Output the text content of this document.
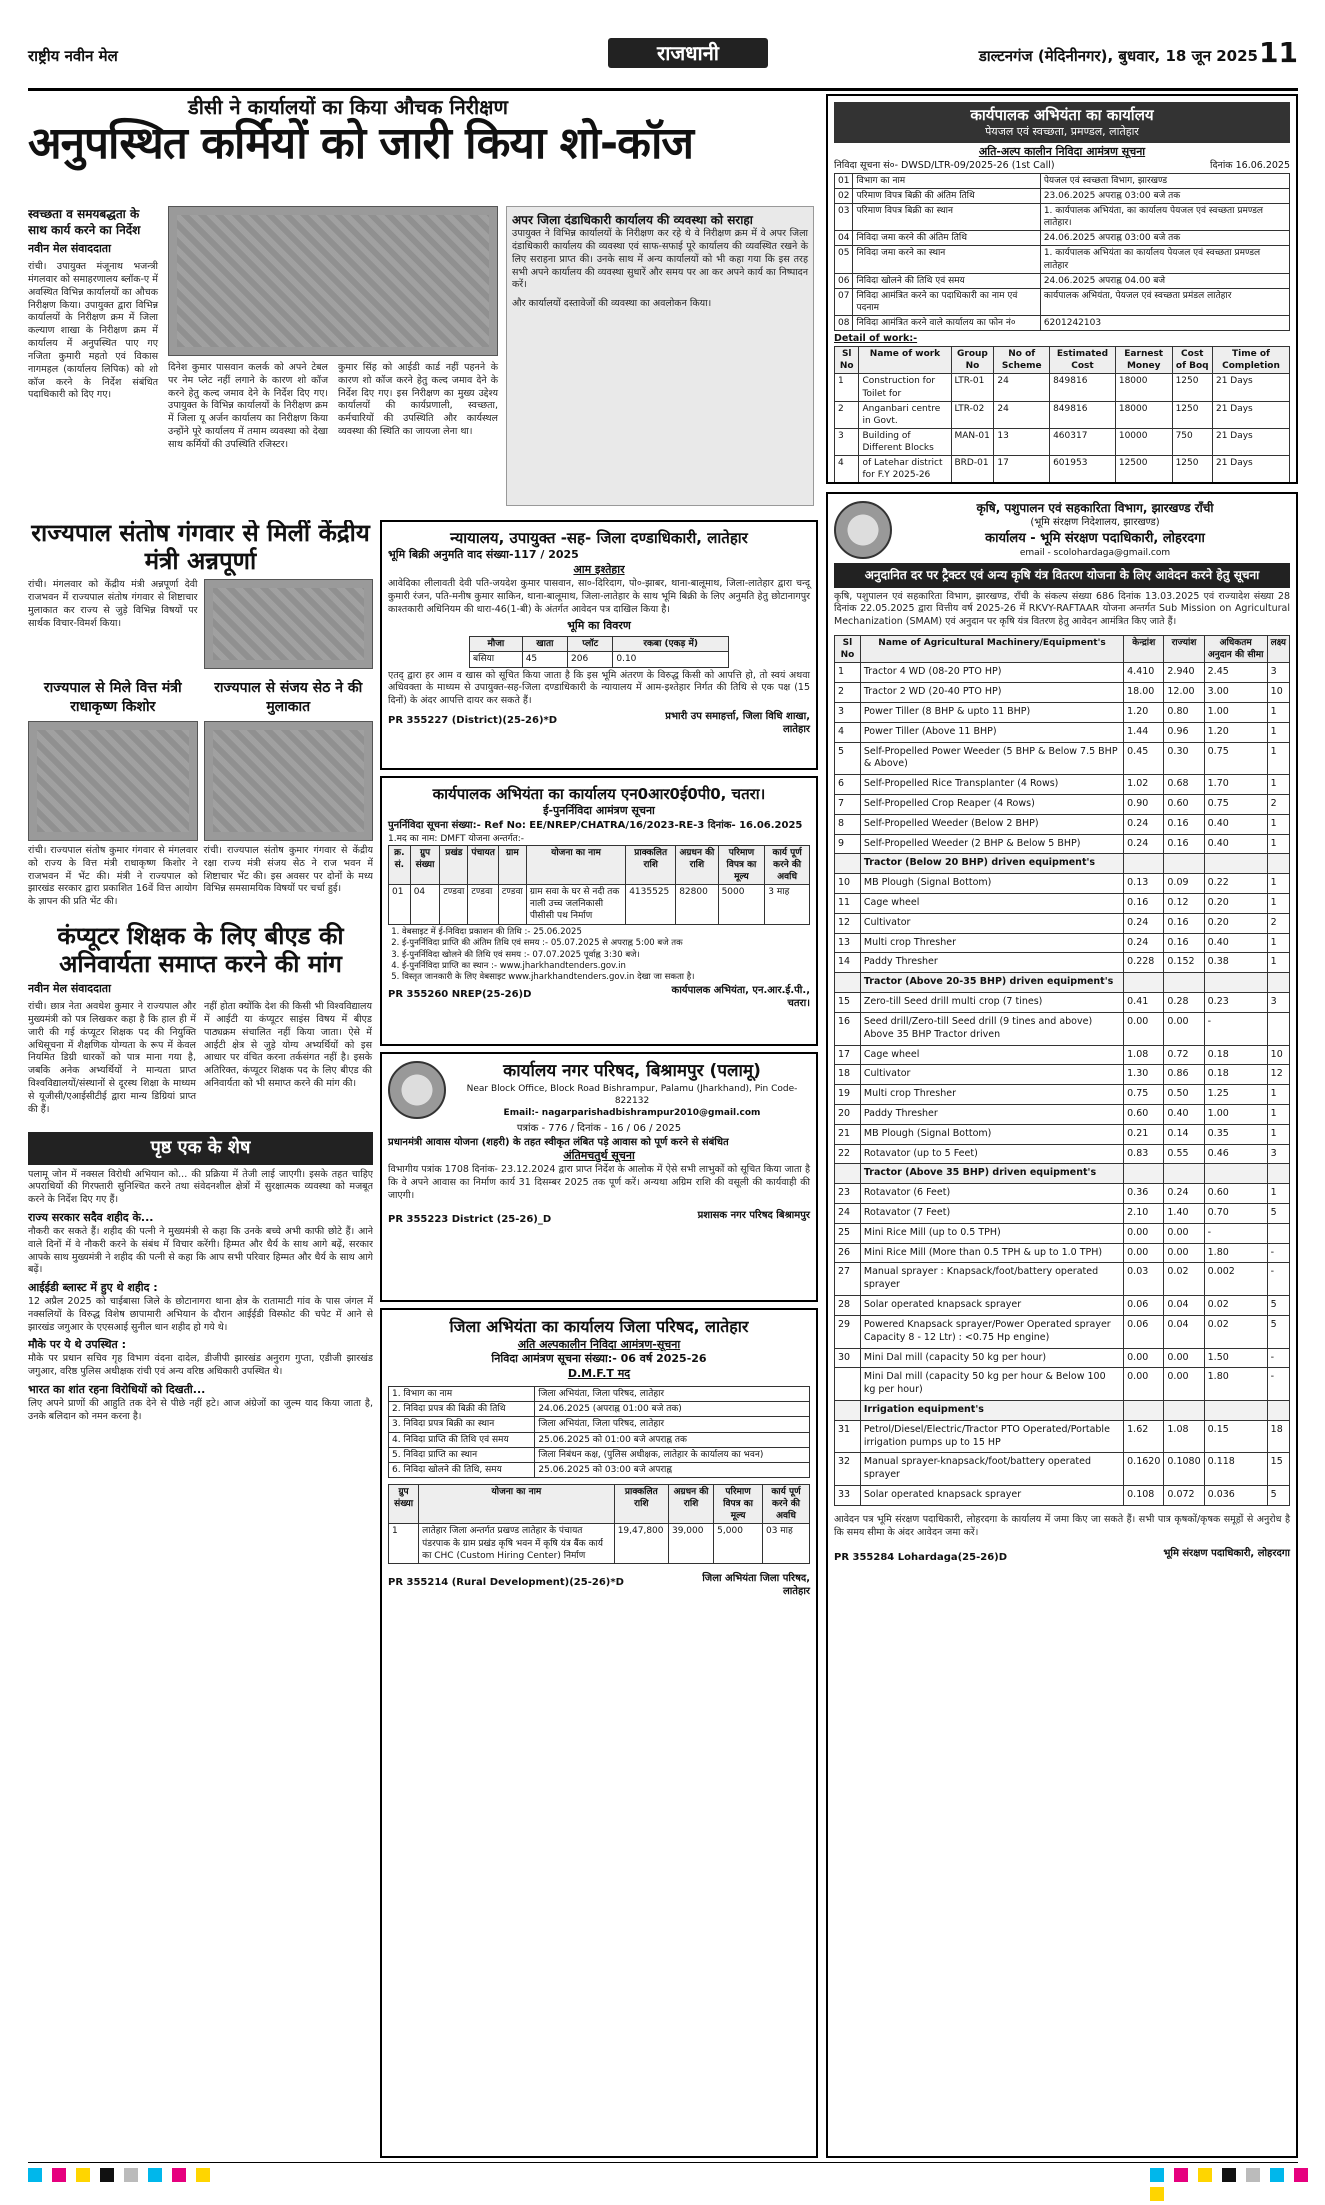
राष्ट्रीय नवीन मेल	राजधानी	डाल्टनगंज (मेदिनीनगर), बुधवार, 18 जून 2025 11
डीसी ने कार्यालयों का किया औचक निरीक्षण
अनुपस्थित कर्मियों को जारी किया शो-कॉज
स्वच्छता व समयबद्धता के साथ कार्य करने का निर्देश
नवीन मेल संवाददाता
रांची। उपायुक्त मंजूनाथ भजन्त्री मंगलवार को समाहरणालय ब्लॉक-ए में अवस्थित विभिन्न कार्यालयों का औचक निरीक्षण किया। उपायुक्त द्वारा विभिन्न कार्यालयों के निरीक्षण क्रम में जिला कल्याण शाखा के निरीक्षण क्रम में कार्यालय में अनुपस्थित पाए गए नजिता कुमारी महतो एवं विकास नागमहल (कार्यालय लिपिक) को शो कॉज करने के निर्देश संबंधित पदाधिकारी को दिए गए।
दिनेश कुमार पासवान कलर्क को अपने टेबल पर नेम प्लेट नहीं लगाने के कारण शो कॉज करने हेतु कल्द जमाव देने के निर्देश दिए गए। उपायुक्त के विभिन्न कार्यालयों के निरीक्षण क्रम में जिला यू अर्जन कार्यालय का निरीक्षण किया उन्होंने पूरे कार्यालय में तमाम व्यवस्था को देखा साथ कर्मियों की उपस्थिति रजिस्टर।
कुमार सिंह को आईडी कार्ड नहीं पहनने के कारण शो कॉज करने हेतु कल्द जमाव देने के निर्देश दिए गए। इस निरीक्षण का मुख्य उद्देश्य कार्यालयों की कार्यप्रणाली, स्वच्छता, कर्मचारियों की उपस्थिति और कार्यस्थल व्यवस्था की स्थिति का जायजा लेना था।
अपर जिला दंडाधिकारी कार्यालय की व्यवस्था को सराहा
उपायुक्त ने विभिन्न कार्यालयों के निरीक्षण कर रहे थे वे निरीक्षण क्रम में वे अपर जिला दंडाधिकारी कार्यालय की व्यवस्था एवं साफ-सफाई पूरे कार्यालय की व्यवस्थित रखने के लिए सराहना प्राप्त की। उनके साथ में अन्य कार्यालयों को भी कहा गया कि इस तरह सभी अपने कार्यालय की व्यवस्था सुधारें और समय पर आ कर अपने कार्य का निष्पादन करें।
और कार्यालयों दस्तावेजों की व्यवस्था का अवलोकन किया।
राज्यपाल संतोष गंगवार से मिलीं केंद्रीय मंत्री अन्नपूर्णा
रांची। मंगलवार को केंद्रीय मंत्री अन्नपूर्णा देवी राजभवन में राज्यपाल संतोष गंगवार से शिष्टाचार मुलाकात कर राज्य से जुड़े विभिन्न विषयों पर सार्थक विचार-विमर्श किया।
राज्यपाल से मिले वित्त मंत्री राधाकृष्ण किशोर
रांची। राज्यपाल संतोष कुमार गंगवार से मंगलवार को राज्य के वित्त मंत्री राधाकृष्ण किशोर ने राजभवन में भेंट की। मंत्री ने राज्यपाल को झारखंड सरकार द्वारा प्रकाशित 16वें वित्त आयोग के ज्ञापन की प्रति भेंट की।
राज्यपाल से संजय सेठ ने की मुलाकात
रांची। राज्यपाल संतोष कुमार गंगवार से केंद्रीय रक्षा राज्य मंत्री संजय सेठ ने राज भवन में शिष्टाचार भेंट की। इस अवसर पर दोनों के मध्य विभिन्न समसामयिक विषयों पर चर्चा हुई।
कंप्यूटर शिक्षक के लिए बीएड की अनिवार्यता समाप्त करने की मांग
नवीन मेल संवाददाता
रांची। छात्र नेता अवधेश कुमार ने राज्यपाल और मुख्यमंत्री को पत्र लिखकर कहा है कि हाल ही में जारी की गई कंप्यूटर शिक्षक पद की नियुक्ति अधिसूचना में शैक्षणिक योग्यता के रूप में केवल नियमित डिग्री धारकों को पात्र माना गया है, जबकि अनेक अभ्यर्थियों ने मान्यता प्राप्त विश्वविद्यालयों/संस्थानों से दूरस्थ शिक्षा के माध्यम से यूजीसी/एआईसीटीई द्वारा मान्य डिग्रियां प्राप्त की हैं।
नहीं होता क्योंकि देश की किसी भी विश्वविद्यालय में आईटी या कंप्यूटर साइंस विषय में बीएड पाठ्यक्रम संचालित नहीं किया जाता। ऐसे में आईटी क्षेत्र से जुड़े योग्य अभ्यर्थियों को इस आधार पर वंचित करना तर्कसंगत नहीं है। इसके अतिरिक्त, कंप्यूटर शिक्षक पद के लिए बीएड की अनिवार्यता को भी समाप्त करने की मांग की।
पृष्ठ एक के शेष
पलामू जोन में नक्सल विरोधी अभियान को... की प्रक्रिया में तेजी लाई जाएगी। इसके तहत चाहिए अपराधियों की गिरफ्तारी सुनिश्चित करने तथा संवेदनशील क्षेत्रों में सुरक्षात्मक व्यवस्था को मजबूत करने के निर्देश दिए गए हैं।
राज्य सरकार सदैव शहीद के...
नौकरी कर सकते हैं। शहीद की पत्नी ने मुख्यमंत्री से कहा कि उनके बच्चे अभी काफी छोटे हैं। आने वाले दिनों में वे नौकरी करने के संबंध में विचार करेंगी। हिम्मत और धैर्य के साथ आगे बढ़ें, सरकार आपके साथ मुख्यमंत्री ने शहीद की पत्नी से कहा कि आप सभी परिवार हिम्मत और धैर्य के साथ आगे बढ़ें।
आईईडी ब्लास्ट में हुए थे शहीद :
12 अप्रैल 2025 को चाईबासा जिले के छोटानागरा थाना क्षेत्र के रातामाटी गांव के पास जंगल में नक्सलियों के विरुद्ध विशेष छापामारी अभियान के दौरान आईईडी विस्फोट की चपेट में आने से झारखंड जगुआर के एएसआई सुनील धान शहीद हो गये थे।
मौके पर ये थे उपस्थित :
मौके पर प्रधान सचिव गृह विभाग वंदना दादेल, डीजीपी झारखंड अनुराग गुप्ता, एडीजी झारखंड जगुआर, वरिष्ठ पुलिस अधीक्षक रांची एवं अन्य वरिष्ठ अधिकारी उपस्थित थे।
भारत का शांत रहना विरोधियों को दिखती...
लिए अपने प्राणों की आहुति तक देने से पीछे नहीं हटे। आज अंग्रेजों का जुल्म याद किया जाता है, उनके बलिदान को नमन करना है।
न्यायालय, उपायुक्त -सह- जिला दण्डाधिकारी, लातेहार
भूमि बिक्री अनुमति वाद संख्या-117 / 2025
आम इश्तेहार
आवेदिका लीलावती देवी पति-जयदेश कुमार पासवान, सा०-दिरिदाग, पो०-झाबर, थाना-बालूमाथ, जिला-लातेहार द्वारा चन्दू कुमारी रंजन, पति-मनीष कुमार साकिन, थाना-बालूमाथ, जिला-लातेहार के साथ भूमि बिक्री के लिए अनुमति हेतु छोटानागपुर काश्तकारी अधिनियम की धारा-46(1-बी) के अंतर्गत आवेदन पत्र दाखिल किया है।
भूमि का विवरण
मौजा	खाता	प्लॉट	रकबा (एकड़ में)
बसिया	45	206	0.10
एतद् द्वारा हर आम व खास को सूचित किया जाता है कि इस भूमि अंतरण के विरुद्ध किसी को आपत्ति हो, तो स्वयं अथवा अधिवक्ता के माध्यम से उपायुक्त-सह-जिला दण्डाधिकारी के न्यायालय में आम-इश्तेहार निर्गत की तिथि से एक पक्ष (15 दिनों) के अंदर आपत्ति दायर कर सकते हैं।
PR 355227 (District)(25-26)*D	प्रभारी उप समाहर्त्ता, जिला विधि शाखा, लातेहार
कार्यपालक अभियंता का कार्यालय एन0आर0ई0पी0, चतरा।
ई-पुनर्निविदा आमंत्रण सूचना
पुनर्निविदा सूचना संख्या:- Ref No: EE/NREP/CHATRA/16/2023-RE-3 दिनांक- 16.06.2025
1.मद का नाम: DMFT योजना अन्तर्गत:-
क्र. सं.	ग्रुप संख्या	प्रखंड	पंचायत	ग्राम	योजना का नाम	प्राक्कलित राशि	अग्रधन की राशि	परिमाण विपत्र का मूल्य	कार्य पूर्ण करने की अवधि
01	04	टण्डवा	टण्डवा	टण्डवा	ग्राम सवा के घर से नदी तक नाली उच्च जलनिकासी पीसीसी पथ निर्माण	4135525	82800	5000	3 माह
1. वेबसाइट में ई-निविदा प्रकाशन की तिथि :- 25.06.2025
2. ई-पुनर्निविदा प्राप्ति की अंतिम तिथि एवं समय :- 05.07.2025 से अपराह्न 5:00 बजे तक
3. ई-पुनर्निविदा खोलने की तिथि एवं समय :- 07.07.2025 पूर्वाह्न 3:30 बजे।
4. ई-पुनर्निविदा प्राप्ति का स्थान :- www.jharkhandtenders.gov.in
5. विस्तृत जानकारी के लिए वेबसाइट www.jharkhandtenders.gov.in देखा जा सकता है।
PR 355260 NREP(25-26)D	कार्यपालक अभियंता, एन.आर.ई.पी., चतरा।
कार्यालय नगर परिषद, बिश्रामपुर (पलामू)
Near Block Office, Block Road Bishrampur, Palamu (Jharkhand), Pin Code-822132
Email:- nagarparishadbishrampur2010@gmail.com
पत्रांक - 776 / दिनांक - 16 / 06 / 2025
प्रधानमंत्री आवास योजना (शहरी) के तहत स्वीकृत लंबित पड़े आवास को पूर्ण करने से संबंधित
अंतिमचतुर्थ सूचना
विभागीय पत्रांक 1708 दिनांक- 23.12.2024 द्वारा प्राप्त निर्देश के आलोक में ऐसे सभी लाभुकों को सूचित किया जाता है कि वे अपने आवास का निर्माण कार्य 31 दिसम्बर 2025 तक पूर्ण करें। अन्यथा अग्रिम राशि की वसूली की कार्यवाही की जाएगी।
PR 355223 District (25-26)_D	प्रशासक नगर परिषद बिश्रामपुर
जिला अभियंता का कार्यालय जिला परिषद, लातेहार
अति अल्पकालीन निविदा आमंत्रण-सूचना
निविदा आमंत्रण सूचना संख्या:- 06 वर्ष 2025-26
D.M.F.T मद
1. विभाग का नाम	जिला अभियंता, जिला परिषद, लातेहार
2. निविदा प्रपत्र की बिक्री की तिथि	24.06.2025 (अपराह्न 01:00 बजे तक)
3. निविदा प्रपत्र बिक्री का स्थान	जिला अभियंता, जिला परिषद, लातेहार
4. निविदा प्राप्ति की तिथि एवं समय	25.06.2025 को 01:00 बजे अपराह्न तक
5. निविदा प्राप्ति का स्थान	जिला निबंधन कक्ष, (पुलिस अधीक्षक, लातेहार के कार्यालय का भवन)
6. निविदा खोलने की तिथि, समय	25.06.2025 को 03:00 बजे अपराह्न
ग्रुप संख्या	योजना का नाम	प्राक्कलित राशि	अग्रधन की राशि	परिमाण विपत्र का मूल्य	कार्य पूर्ण करने की अवधि
1	लातेहार जिला अन्तर्गत प्रखण्ड लातेहार के पंचायत पंडरपाक के ग्राम प्रखंड कृषि भवन में कृषि यंत्र बैंक कार्य का CHC (Custom Hiring Center) निर्माण	19,47,800	39,000	5,000	03 माह
PR 355214 (Rural Development)(25-26)*D	जिला अभियंता जिला परिषद, लातेहार
कार्यपालक अभियंता का कार्यालय
पेयजल एवं स्वच्छता, प्रमण्डल, लातेहार
अति-अल्प कालीन निविदा आमंत्रण सूचना
निविदा सूचना सं०- DWSD/LTR-09/2025-26 (1st Call)	दिनांक 16.06.2025
01	विभाग का नाम	पेयजल एवं स्वच्छता विभाग, झारखण्ड
02	परिमाण विपत्र बिक्री की अंतिम तिथि	23.06.2025 अपराह्न 03:00 बजे तक
03	परिमाण विपत्र बिक्री का स्थान	1. कार्यपालक अभियंता, का कार्यालय पेयजल एवं स्वच्छता प्रमण्डल लातेहार।
04	निविदा जमा करने की अंतिम तिथि	24.06.2025 अपराह्न 03:00 बजे तक
05	निविदा जमा करने का स्थान	1. कार्यपालक अभियंता का कार्यालय पेयजल एवं स्वच्छता प्रमण्डल लातेहार
06	निविदा खोलने की तिथि एवं समय	24.06.2025 अपराह्न 04.00 बजे
07	निविदा आमंत्रित करने का पदाधिकारी का नाम एवं पदनाम	कार्यपालक अभियंता, पेयजल एवं स्वच्छता प्रमंडल लातेहार
08	निविदा आमंत्रित करने वाले कार्यालय का फोन नं०	6201242103
Detail of work:-
Sl No	Name of work	Group No	No of Scheme	Estimated Cost	Earnest Money	Cost of Boq	Time of Completion
1	Construction for Toilet for	LTR-01	24	849816	18000	1250	21 Days
2	Anganbari centre in Govt.	LTR-02	24	849816	18000	1250	21 Days
3	Building of Different Blocks	MAN-01	13	460317	10000	750	21 Days
4	of Latehar district for F.Y 2025-26	BRD-01	17	601953	12500	1250	21 Days
1.
कृषि, पशुपालन एवं सहकारिता विभाग, झारखण्ड राँची
(भूमि संरक्षण निदेशालय, झारखण्ड)
कार्यालय - भूमि संरक्षण पदाधिकारी, लोहरदगा
email - scolohardaga@gmail.com
अनुदानित दर पर ट्रैक्टर एवं अन्य कृषि यंत्र वितरण योजना के लिए आवेदन करने हेतु सूचना
कृषि, पशुपालन एवं सहकारिता विभाग, झारखण्ड, राँची के संकल्प संख्या 686 दिनांक 13.03.2025 एवं राज्यादेश संख्या 28 दिनांक 22.05.2025 द्वारा वित्तीय वर्ष 2025-26 में RKVY-RAFTAAR योजना अन्तर्गत Sub Mission on Agricultural Mechanization (SMAM) एवं अनुदान पर कृषि यंत्र वितरण हेतु आवेदन आमंत्रित किए जाते हैं।
Sl No	Name of Agricultural Machinery/Equipment's	केन्द्रांश	राज्यांश	अधिकतम अनुदान की सीमा	लक्ष्य
1	Tractor 4 WD (08-20 PTO HP)	4.410	2.940	2.45	3
2	Tractor 2 WD (20-40 PTO HP)	18.00	12.00	3.00	10
3	Power Tiller (8 BHP & upto 11 BHP)	1.20	0.80	1.00	1
4	Power Tiller (Above 11 BHP)	1.44	0.96	1.20	1
5	Self-Propelled Power Weeder (5 BHP & Below 7.5 BHP & Above)	0.45	0.30	0.75	1
6	Self-Propelled Rice Transplanter (4 Rows)	1.02	0.68	1.70	1
7	Self-Propelled Crop Reaper (4 Rows)	0.90	0.60	0.75	2
8	Self-Propelled Weeder (Below 2 BHP)	0.24	0.16	0.40	1
9	Self-Propelled Weeder (2 BHP & Below 5 BHP)	0.24	0.16	0.40	1
	Tractor (Below 20 BHP) driven equipment's				
10	MB Plough (Signal Bottom)	0.13	0.09	0.22	1
11	Cage wheel	0.16	0.12	0.20	1
12	Cultivator	0.24	0.16	0.20	2
13	Multi crop Thresher	0.24	0.16	0.40	1
14	Paddy Thresher	0.228	0.152	0.38	1
	Tractor (Above 20-35 BHP) driven equipment's				
15	Zero-till Seed drill multi crop (7 tines)	0.41	0.28	0.23	3
16	Seed drill/Zero-till Seed drill (9 tines and above) Above 35 BHP Tractor driven	0.00	0.00	-	
17	Cage wheel	1.08	0.72	0.18	10
18	Cultivator	1.30	0.86	0.18	12
19	Multi crop Thresher	0.75	0.50	1.25	1
20	Paddy Thresher	0.60	0.40	1.00	1
21	MB Plough (Signal Bottom)	0.21	0.14	0.35	1
22	Rotavator (up to 5 Feet)	0.83	0.55	0.46	3
	Tractor (Above 35 BHP) driven equipment's				
23	Rotavator (6 Feet)	0.36	0.24	0.60	1
24	Rotavator (7 Feet)	2.10	1.40	0.70	5
25	Mini Rice Mill (up to 0.5 TPH)	0.00	0.00	-	
26	Mini Rice Mill (More than 0.5 TPH & up to 1.0 TPH)	0.00	0.00	1.80	-
27	Manual sprayer : Knapsack/foot/battery operated sprayer	0.03	0.02	0.002	-
28	Solar operated knapsack sprayer	0.06	0.04	0.02	5
29	Powered Knapsack sprayer/Power Operated sprayer Capacity 8 - 12 Ltr) : <0.75 Hp engine)	0.06	0.04	0.02	5
30	Mini Dal mill (capacity 50 kg per hour)	0.00	0.00	1.50	-
	Mini Dal mill (capacity 50 kg per hour & Below 100 kg per hour)	0.00	0.00	1.80	-
	Irrigation equipment's				
31	Petrol/Diesel/Electric/Tractor PTO Operated/Portable irrigation pumps up to 15 HP	1.62	1.08	0.15	18
32	Manual sprayer-knapsack/foot/battery operated sprayer	0.1620	0.1080	0.118	15
33	Solar operated knapsack sprayer	0.108	0.072	0.036	5
आवेदन पत्र भूमि संरक्षण पदाधिकारी, लोहरदगा के कार्यालय में जमा किए जा सकते हैं। सभी पात्र कृषकों/कृषक समूहों से अनुरोध है कि समय सीमा के अंदर आवेदन जमा करें।
PR 355284 Lohardaga(25-26)D	भूमि संरक्षण पदाधिकारी, लोहरदगा
